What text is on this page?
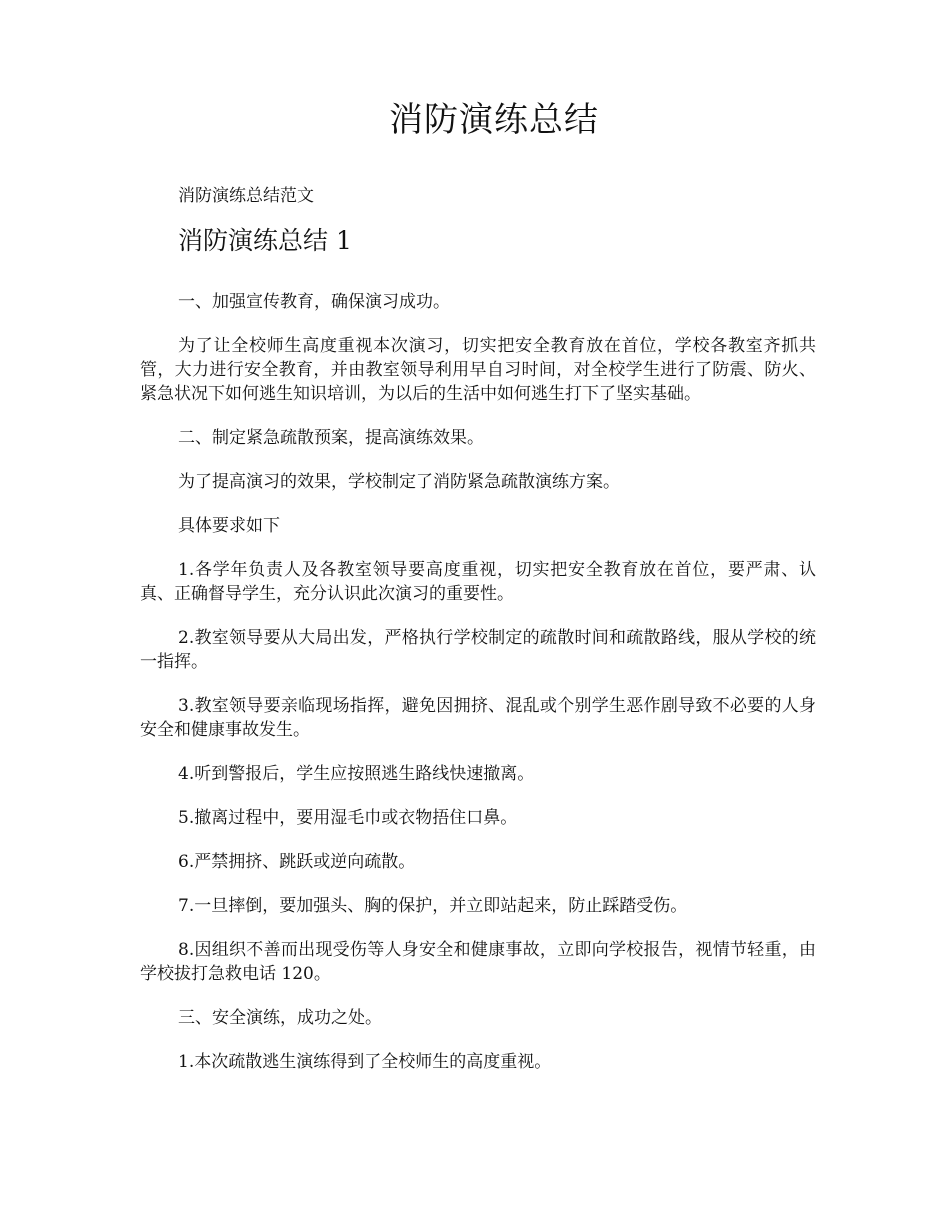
消防演练总结

消防演练总结范文

消防演练总结 1

一、加强宣传教育，确保演习成功。

为了让全校师生高度重视本次演习，切实把安全教育放在首位，学校各教室齐抓共管，大力进行安全教育，并由教室领导利用早自习时间，对全校学生进行了防震、防火、紧急状况下如何逃生知识培训，为以后的生活中如何逃生打下了坚实基础。

二、制定紧急疏散预案，提高演练效果。

为了提高演习的效果，学校制定了消防紧急疏散演练方案。

具体要求如下

1.各学年负责人及各教室领导要高度重视，切实把安全教育放在首位，要严肃、认真、正确督导学生，充分认识此次演习的重要性。

2.教室领导要从大局出发，严格执行学校制定的疏散时间和疏散路线，服从学校的统一指挥。

3.教室领导要亲临现场指挥，避免因拥挤、混乱或个别学生恶作剧导致不必要的人身安全和健康事故发生。

4.听到警报后，学生应按照逃生路线快速撤离。

5.撤离过程中，要用湿毛巾或衣物捂住口鼻。

6.严禁拥挤、跳跃或逆向疏散。

7.一旦摔倒，要加强头、胸的保护，并立即站起来，防止踩踏受伤。

8.因组织不善而出现受伤等人身安全和健康事故，立即向学校报告，视情节轻重，由学校拔打急救电话 120。

三、安全演练，成功之处。

1.本次疏散逃生演练得到了全校师生的高度重视。
